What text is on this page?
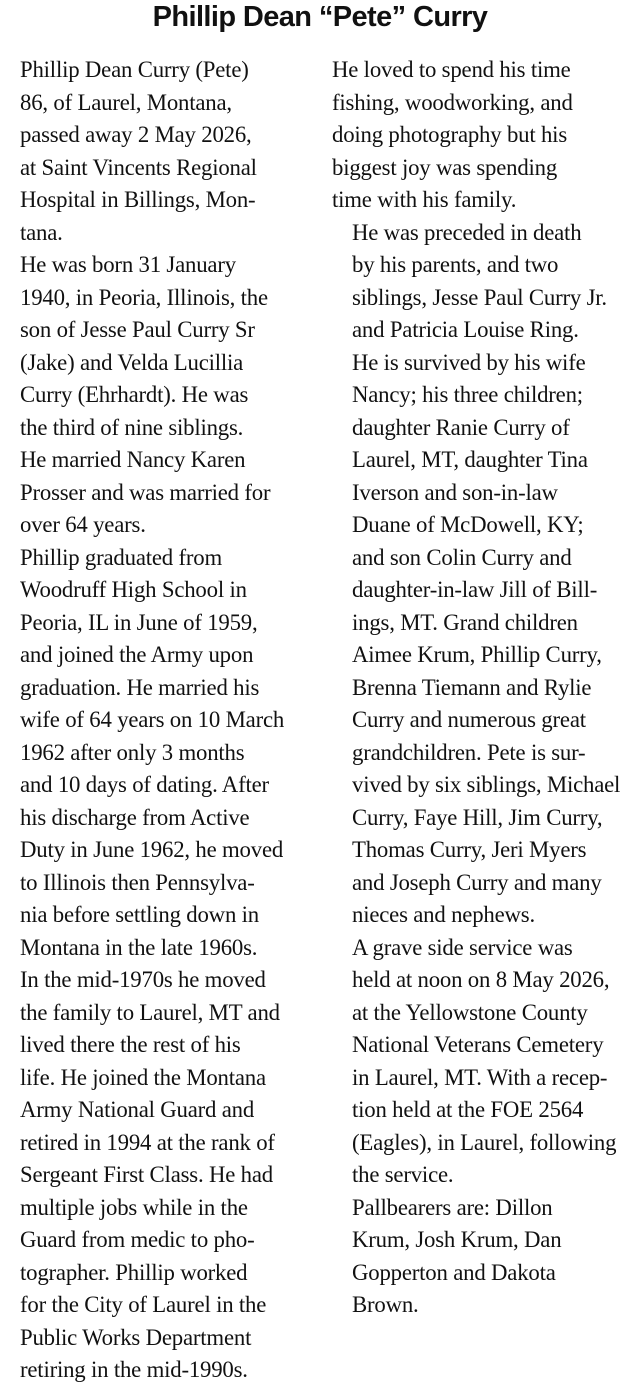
Phillip Dean “Pete” Curry

Phillip Dean Curry (Pete)
86, of Laurel, Montana,
passed away 2 May 2026,
at Saint Vincents Regional
Hospital in Billings, Mon-
tana.

He was born 31 January
1940, in Peoria, Illinois, the
son of Jesse Paul Curry Sr
(Jake) and Velda Lucillia
Curry (Ehrhardt). He was
the third of nine siblings.
He married Nancy Karen
Prosser and was married for
over 64 years.

Phillip graduated from
Woodruff High School in
Peoria, IL in June of 1959,
and joined the Army upon
graduation. He married his
wife of 64 years on 10 March
1962 after only 3 months
and 10 days of dating. After
his discharge from Active
Duty in June 1962, he moved
to Illinois then Pennsylva-
nia before settling down in
Montana in the late 1960s.
In the mid-1970s he moved
the family to Laurel, MT and
lived there the rest of his
life. He joined the Montana
Army National Guard and
retired in 1994 at the rank of
Sergeant First Class. He had
multiple jobs while in the
Guard from medic to pho-
tographer. Phillip worked
for the City of Laurel in the
Public Works Department
retiring in the mid-1990s.

He loved to spend his time
fishing, woodworking, and
doing photography but his
biggest joy was spending
time with his family.

He was preceded in death
by his parents, and two
siblings, Jesse Paul Curry Jr.
and Patricia Louise Ring.
He is survived by his wife
Nancy; his three children;
daughter Ranie Curry of
Laurel, MT, daughter Tina
Iverson and son-in-law
Duane of McDowell, KY;
and son Colin Curry and
daughter-in-law Jill of Bill-
ings, MT. Grand children
Aimee Krum, Phillip Curry,
Brenna Tiemann and Rylie
Curry and numerous great
grandchildren. Pete is sur-
vived by six siblings, Michael
Curry, Faye Hill, Jim Curry,
Thomas Curry, Jeri Myers
and Joseph Curry and many
nieces and nephews.

A grave side service was
held at noon on 8 May 2026,
at the Yellowstone County
National Veterans Cemetery
in Laurel, MT. With a recep-
tion held at the FOE 2564
(Eagles), in Laurel, following
the service.

Pallbearers are: Dillon
Krum, Josh Krum, Dan
Gopperton and Dakota
Brown.
